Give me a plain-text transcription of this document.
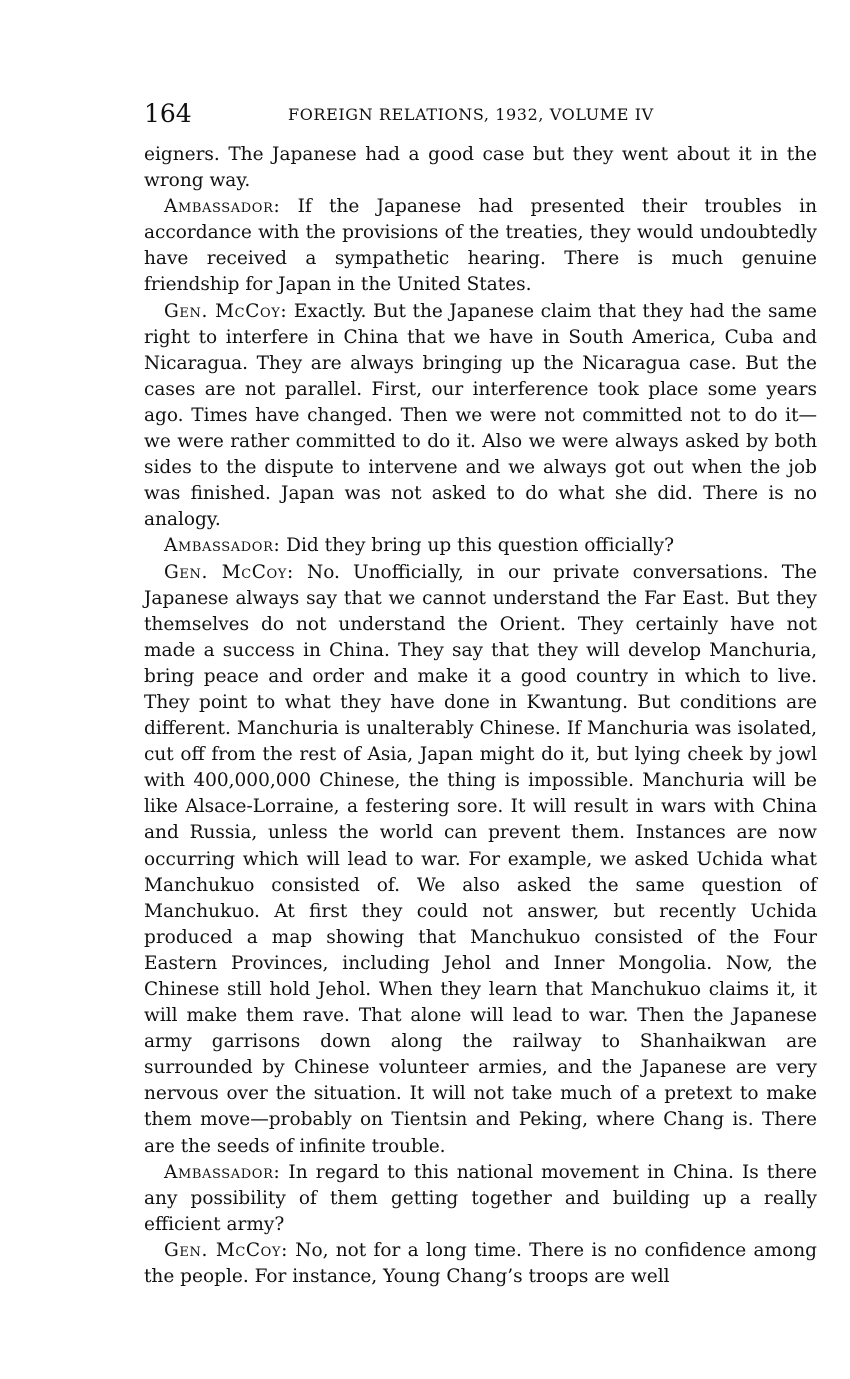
164	FOREIGN RELATIONS, 1932, VOLUME IV

eigners. The Japanese had a good case but they went about it in the wrong way.

Ambassador: If the Japanese had presented their troubles in accordance with the provisions of the treaties, they would undoubtedly have received a sympathetic hearing. There is much genuine friendship for Japan in the United States.

Gen. McCoy: Exactly. But the Japanese claim that they had the same right to interfere in China that we have in South America, Cuba and Nicaragua. They are always bringing up the Nicaragua case. But the cases are not parallel. First, our interference took place some years ago. Times have changed. Then we were not committed not to do it—we were rather committed to do it. Also we were always asked by both sides to the dispute to intervene and we always got out when the job was finished. Japan was not asked to do what she did. There is no analogy.

Ambassador: Did they bring up this question officially?

Gen. McCoy: No. Unofficially, in our private conversations. The Japanese always say that we cannot understand the Far East. But they themselves do not understand the Orient. They certainly have not made a success in China. They say that they will develop Manchuria, bring peace and order and make it a good country in which to live. They point to what they have done in Kwantung. But conditions are different. Manchuria is unalterably Chinese. If Manchuria was isolated, cut off from the rest of Asia, Japan might do it, but lying cheek by jowl with 400,000,000 Chinese, the thing is impossible. Manchuria will be like Alsace-Lorraine, a festering sore. It will result in wars with China and Russia, unless the world can prevent them. Instances are now occurring which will lead to war. For example, we asked Uchida what Manchukuo consisted of. We also asked the same question of Manchukuo. At first they could not answer, but recently Uchida produced a map showing that Manchukuo consisted of the Four Eastern Provinces, including Jehol and Inner Mongolia. Now, the Chinese still hold Jehol. When they learn that Manchukuo claims it, it will make them rave. That alone will lead to war. Then the Japanese army garrisons down along the railway to Shanhaikwan are surrounded by Chinese volunteer armies, and the Japanese are very nervous over the situation. It will not take much of a pretext to make them move—probably on Tientsin and Peking, where Chang is. There are the seeds of infinite trouble.

Ambassador: In regard to this national movement in China. Is there any possibility of them getting together and building up a really efficient army?

Gen. McCoy: No, not for a long time. There is no confidence among the people. For instance, Young Chang’s troops are well
